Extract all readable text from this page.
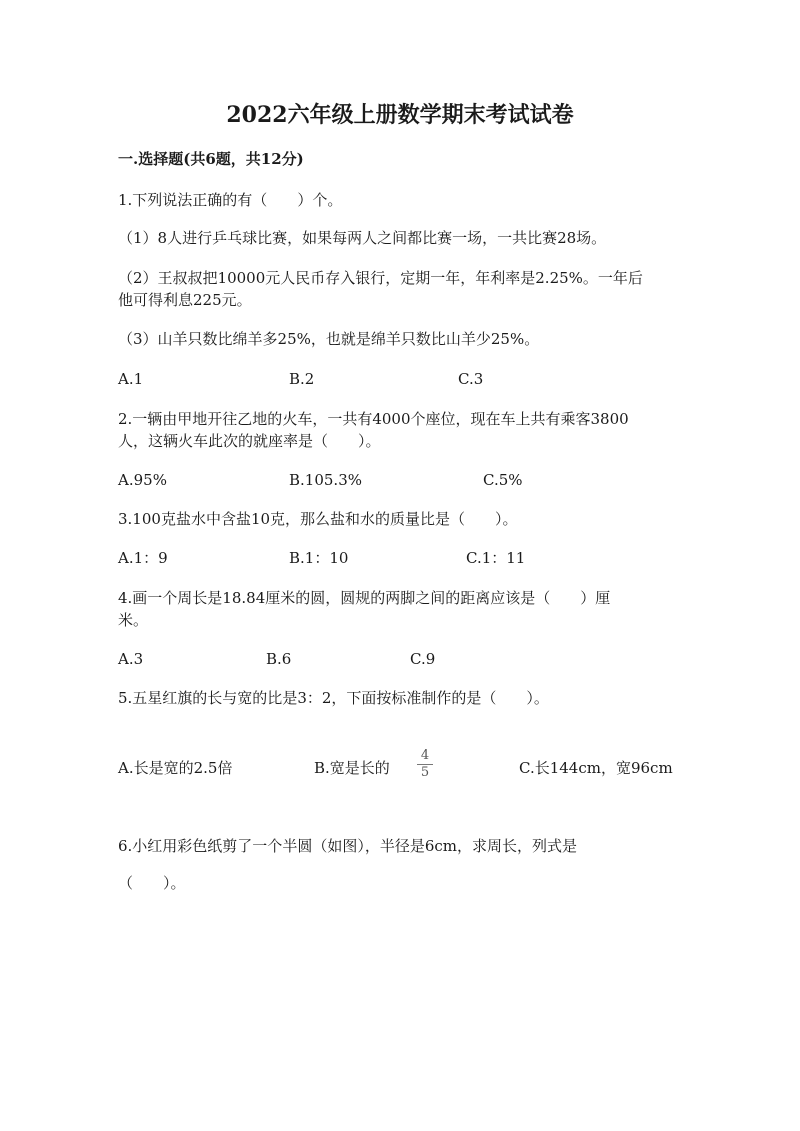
2022六年级上册数学期末考试试卷
一.选择题(共6题，共12分)
1.下列说法正确的有（　　）个。
（1）8人进行乒乓球比赛，如果每两人之间都比赛一场，一共比赛28场。
（2）王叔叔把10000元人民币存入银行，定期一年，年利率是2.25%。一年后
他可得利息225元。
（3）山羊只数比绵羊多25%，也就是绵羊只数比山羊少25%。
A.1	B.2	C.3
2.一辆由甲地开往乙地的火车，一共有4000个座位，现在车上共有乘客3800
人，这辆火车此次的就座率是（　　）。
A.95%	B.105.3%	C.5%
3.100克盐水中含盐10克，那么盐和水的质量比是（　　）。
A.1：9	B.1：10	C.1：11
4.画一个周长是18.84厘米的圆，圆规的两脚之间的距离应该是（　　）厘
米。
A.3	B.6	C.9
5.五星红旗的长与宽的比是3：2，下面按标准制作的是（　　）。
A.长是宽的2.5倍	B.宽是长的
4
5	C.长144cm，宽96cm
6.小红用彩色纸剪了一个半圆（如图），半径是6cm，求周长，列式是
（　　）。
